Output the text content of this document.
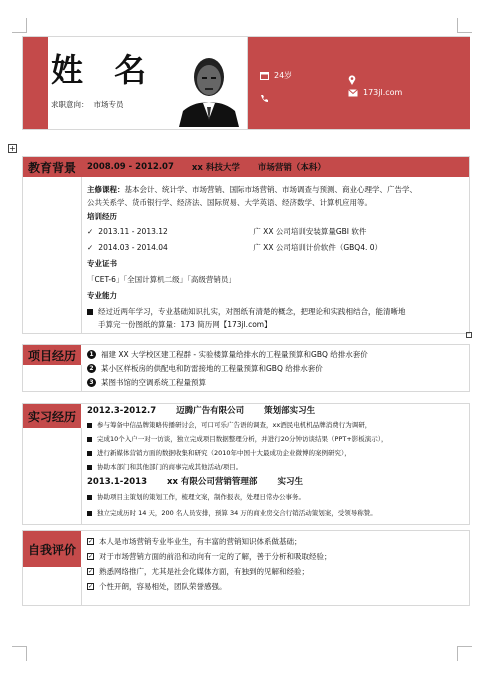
姓 名
求职意向： 市场专员
24岁
173jl.com
+
教育背景	2008.09 - 2012.07 xx 科技大学 市场营销（本科）
主修课程：基本会计、统计学、市场营销、国际市场营销、市场调查与预测、商业心理学、广告学、
公共关系学、货币银行学、经济法、国际贸易、大学英语、经济数学、计算机应用等。
培训经历
✓ 2013.11 - 2013.12	广 XX 公司培训安装算量GBI 软件
✓ 2014.03 - 2014.04	广 XX 公司培训计价软件（GBQ4. 0）
专业证书
「CET-6」「全国计算机二级」「高级营销员」
专业能力
经过近两年学习，专业基础知识扎实，对图纸有清楚的概念，把理论和实践相结合，能清晰地
手算完一份图纸的算量：173 简历网【173jl.com】
项目经历	1 福建 XX 大学校区建工程群 - 实验楼算量给排水的工程量预算和GBQ 给排水套价
2 某小区样板房的供配电和防雷接地的工程量预算和GBQ 给排水套价
3 某图书馆的空调系统工程量预算
实习经历	2012.3-2012.7 迈腾广告有限公司 策划部实习生
参与筹备中信品牌策略传播研讨会，可口可乐广告语的调查，xx酒民电机机品牌消费行为调研，
完成10个入户一对一访谈，独立完成项目数据整理分析，并进行20分钟访谈结果（PPT+影板演示），
进行新媒体营销方面的数据收集和研究（2010年中国十大最成功企业微博的案例研究），
协助本部门和其他部门的商事完成其他活动/项目。
2013.1-2013 xx 有限公司营销管理部 实习生
协助项目主策划的策划工作，梳理文案，制作报表，处理日常办公事务。
独立完成历时 14 天，200 名人员安排，预算 34 万的商业房交合行销活动策划案，受领导称赞。
自我评价
✓ 本人是市场营销专业毕业生，有丰富的营销知识体系做基础；
✓ 对于市场营销方面的前沿和动向有一定的了解，善于分析和吸取经验；
✓ 熟悉网络推广，尤其是社会化媒体方面，有独到的见解和经验；
✓ 个性开朗，容易相处，团队荣誉感强。
